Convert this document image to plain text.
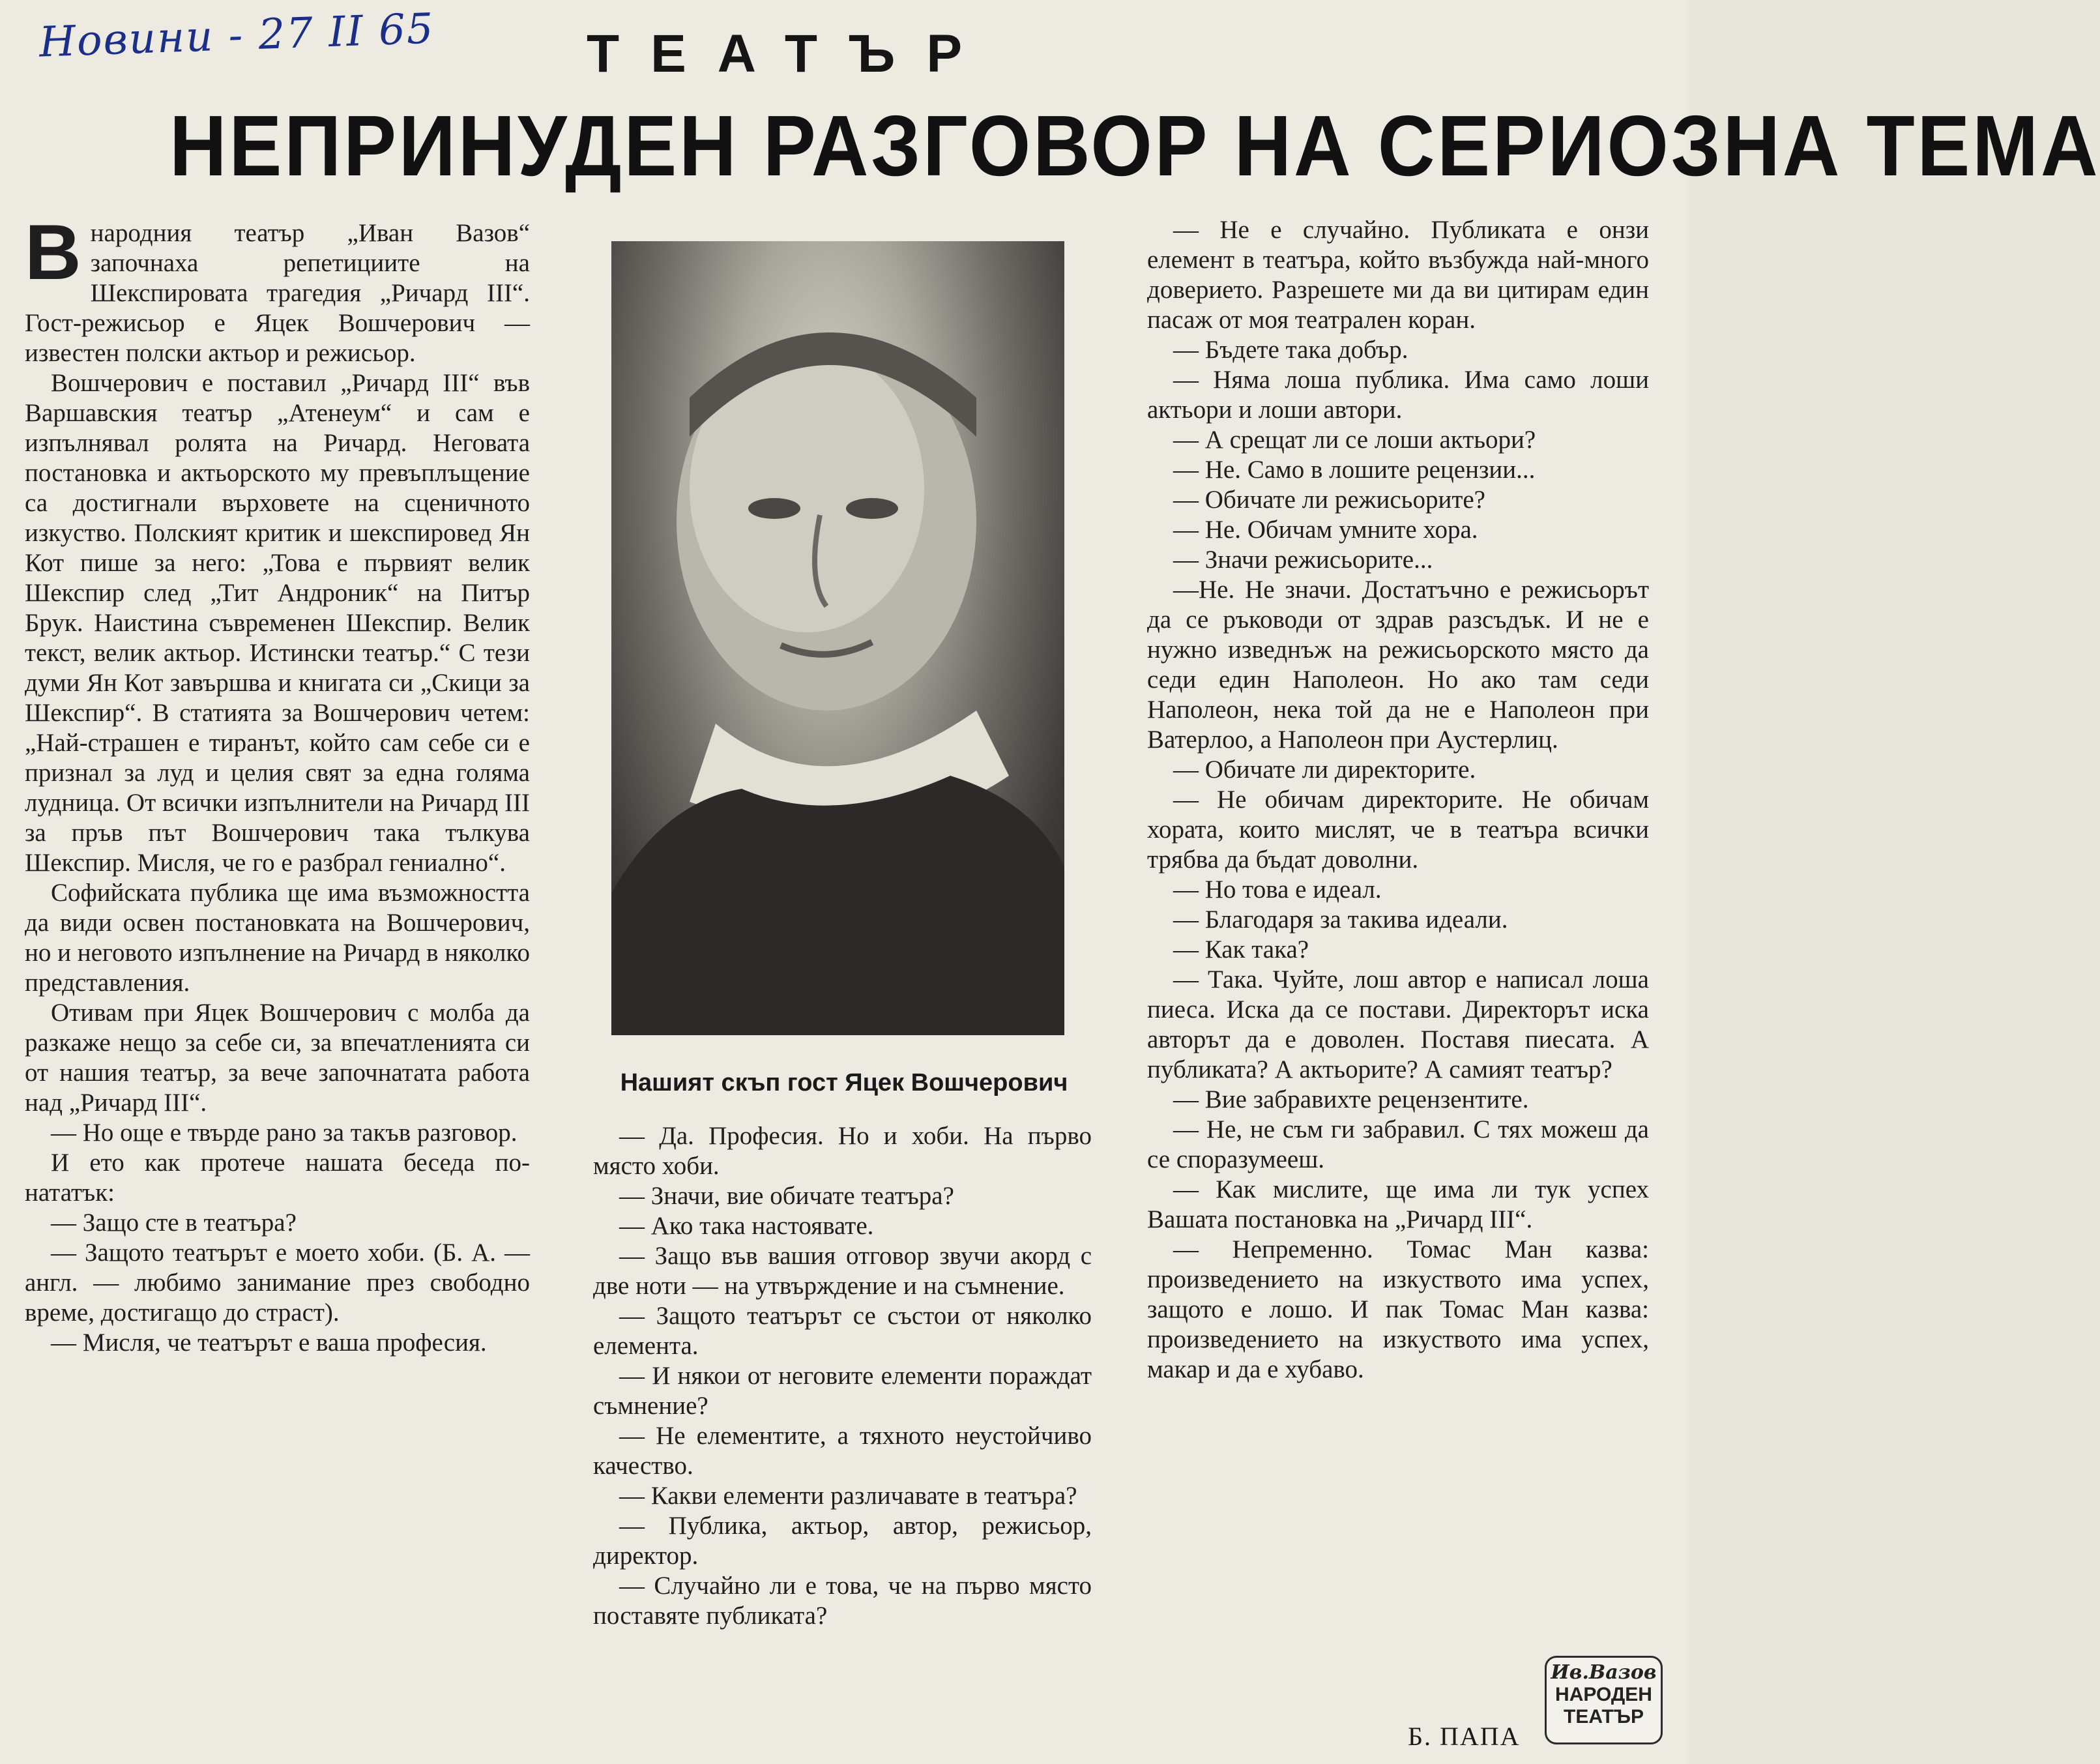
Новини - 27 II 65	ТЕАТЪР
НЕПРИНУДЕН РАЗГОВОР НА СЕРИОЗНА ТЕМА
В народния театър „Иван Вазов“ започнаха репетициите на Шекспировата трагедия „Ричард III“. Гост-режисьор е Яцек Вошчерович — известен полски актьор и режисьор.

Вошчерович е поставил „Ричард III“ във Варшавския театър „Атенеум“ и сам е изпълнявал ролята на Ричард. Неговата постановка и актьорското му превъплъщение са достигнали върховете на сценичното изкуство. Полският критик и шекспировед Ян Кот пише за него: „Това е първият велик Шекспир след „Тит Андроник“ на Питър Брук. Наистина съвременен Шекспир. Велик текст, велик актьор. Истински театър.“ С тези думи Ян Кот завършва и книгата си „Скици за Шекспир“. В статията за Вошчерович четем: „Най-страшен е тиранът, който сам себе си е признал за луд и целия свят за една голяма лудница. От всички изпълнители на Ричард III за пръв път Вошчерович така тълкува Шекспир. Мисля, че го е разбрал гениално“.

Софийската публика ще има възможността да види освен постановката на Вошчерович, но и неговото изпълнение на Ричард в няколко представления.

Отивам при Яцек Вошчерович с молба да разкаже нещо за себе си, за впечатленията си от нашия театър, за вече започнатата работа над „Ричард III“.

— Но още е твърде рано за такъв разговор.

И ето как протече нашата беседа по-нататък:

— Защо сте в театъра?

— Защото театърът е моето хоби. (Б. А. — англ. — любимо занимание през свободно време, достигащо до страст).

— Мисля, че театърът е ваша професия.

Нашият скъп гост Яцек Вошчерович

— Да. Професия. Но и хоби. На първо място хоби.

— Значи, вие обичате театъра?

— Ако така настоявате.

— Защо във вашия отговор звучи акорд с две ноти — на утвърждение и на съмнение.

— Защото театърът се състои от няколко елемента.

— И някои от неговите елементи пораждат съмнение?

— Не елементите, а тяхното неустойчиво качество.

— Какви елементи различавате в театъра?

— Публика, актьор, автор, режисьор, директор.

— Случайно ли е това, че на първо място поставяте публиката?

— Не е случайно. Публиката е онзи елемент в театъра, който възбужда най-много доверието. Разрешете ми да ви цитирам един пасаж от моя театрален коран.

— Бъдете така добър.

— Няма лоша публика. Има само лоши актьори и лоши автори.

— А срещат ли се лоши актьори?

— Не. Само в лошите рецензии...

— Обичате ли режисьорите?

— Не. Обичам умните хора.

— Значи режисьорите...

—Не. Не значи. Достатъчно е режисьорът да се ръководи от здрав разсъдък. И не е нужно изведнъж на режисьорското място да седи един Наполеон. Но ако там седи Наполеон, нека той да не е Наполеон при Ватерлоо, а Наполеон при Аустерлиц.

— Обичате ли директорите.

— Не обичам директорите. Не обичам хората, които мислят, че в театъра всички трябва да бъдат доволни.

— Но това е идеал.

— Благодаря за такива идеали.

— Как така?

— Така. Чуйте, лош автор е написал лоша пиеса. Иска да се постави. Директорът иска авторът да е доволен. Поставя пиесата. А публиката? А актьорите? А самият театър?

— Вие забравихте рецензентите.

— Не, не съм ги забравил. С тях можеш да се споразумееш.

— Как мислите, ще има ли тук успех Вашата постановка на „Ричард III“.

— Непременно. Томас Ман казва: произведението на изкуството има успех, защото е лошо. И пак Томас Ман казва: произведението на изкуството има успех, макар и да е хубаво.

Б. ПАПА
Ив.Вазов
НАРОДЕН
ТЕАТЪР
